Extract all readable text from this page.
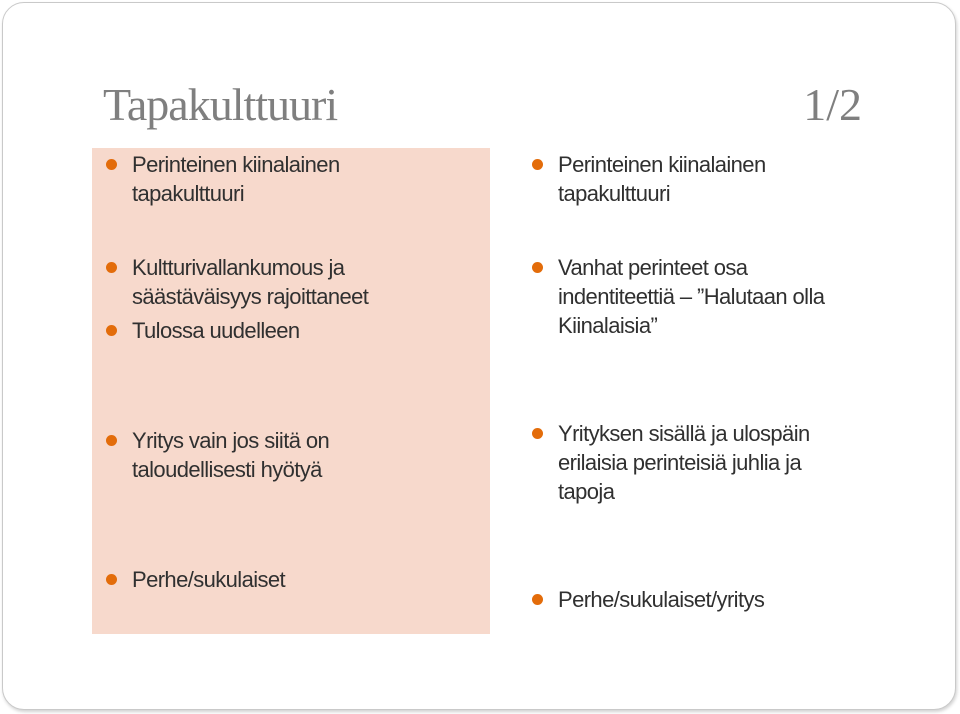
Tapakulttuuri	1/2
Perinteinen kiinalainen
tapakulttuuri
Kultturivallankumous ja
säästäväisyys rajoittaneet
Tulossa uudelleen
Yritys vain jos siitä on
taloudellisesti hyötyä
Perhe/sukulaiset
Perinteinen kiinalainen
tapakulttuuri
Vanhat perinteet osa
indentiteettiä – ”Halutaan olla
Kiinalaisia”
Yrityksen sisällä ja ulospäin
erilaisia perinteisiä juhlia ja
tapoja
Perhe/sukulaiset/yritys
